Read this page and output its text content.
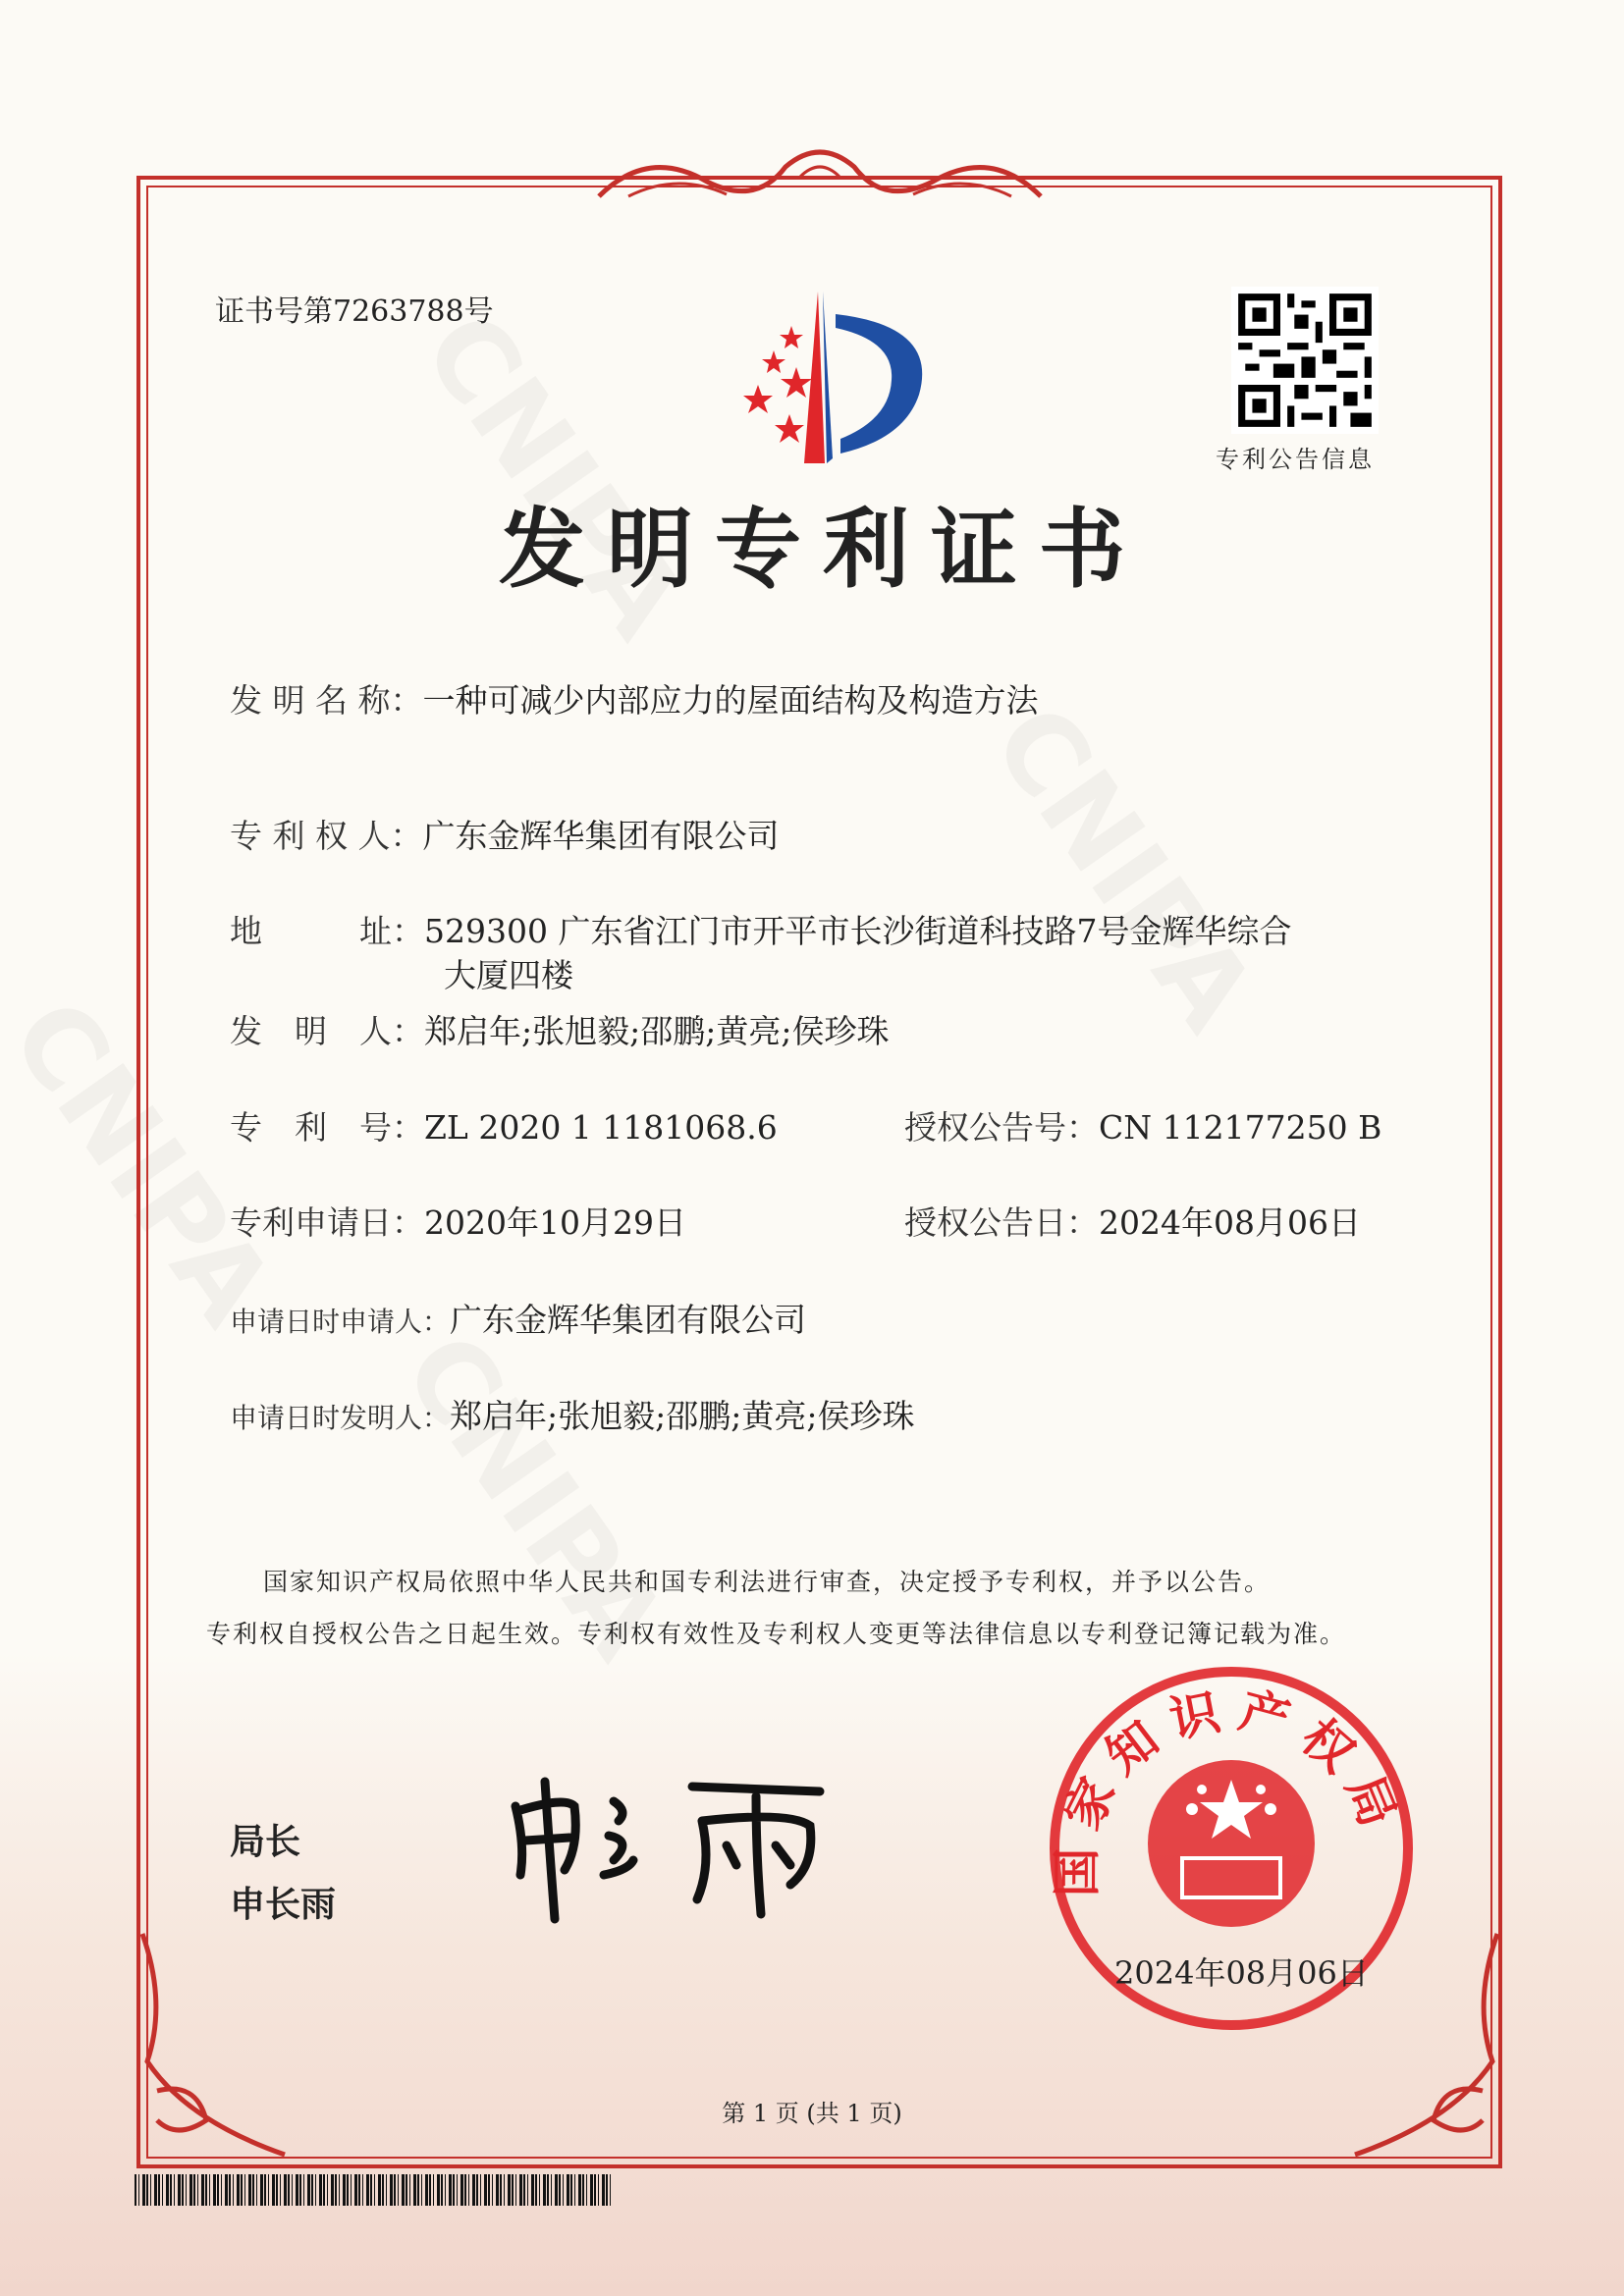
证书号第7263788号
专利公告信息
发明专利证书
发 明 名 称：一种可减少内部应力的屋面结构及构造方法
专 利 权 人：广东金辉华集团有限公司
地　　　址：529300 广东省江门市开平市长沙街道科技路7号金辉华综合
大厦四楼
发　明　人：郑启年;张旭毅;邵鹏;黄亮;侯珍珠
专　利　号：ZL 2020 1 1181068.6	授权公告号：CN 112177250 B
专利申请日：2020年10月29日	授权公告日：2024年08月06日
申请日时申请人：广东金辉华集团有限公司
申请日时发明人：郑启年;张旭毅;邵鹏;黄亮;侯珍珠
国家知识产权局依照中华人民共和国专利法进行审查，决定授予专利权，并予以公告。
专利权自授权公告之日起生效。专利权有效性及专利权人变更等法律信息以专利登记簿记载为准。
局长
申长雨
国家知识产权局
2024年08月06日
第 1 页 (共 1 页)
